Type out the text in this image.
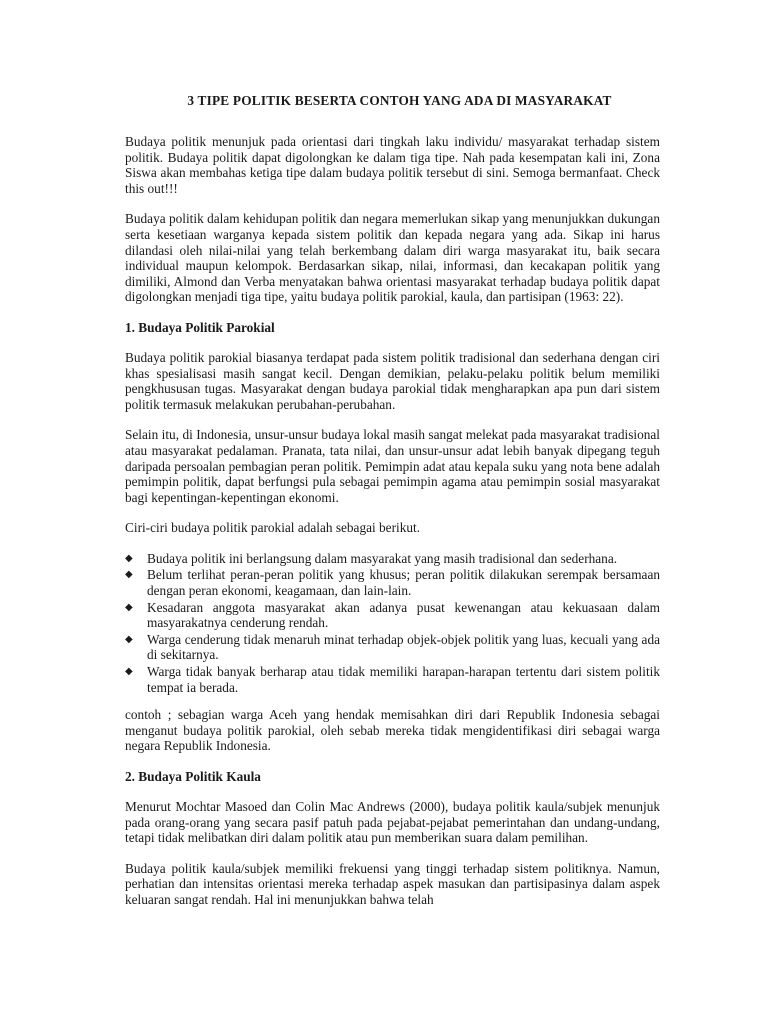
3 TIPE POLITIK BESERTA CONTOH YANG ADA DI MASYARAKAT

Budaya politik menunjuk pada orientasi dari tingkah laku individu/ masyarakat terhadap sistem politik. Budaya politik dapat digolongkan ke dalam tiga tipe. Nah pada kesempatan kali ini, Zona Siswa akan membahas ketiga tipe dalam budaya politik tersebut di sini. Semoga bermanfaat. Check this out!!!

Budaya politik dalam kehidupan politik dan negara memerlukan sikap yang menunjukkan dukungan serta kesetiaan warganya kepada sistem politik dan kepada negara yang ada. Sikap ini harus dilandasi oleh nilai-nilai yang telah berkembang dalam diri warga masyarakat itu, baik secara individual maupun kelompok. Berdasarkan sikap, nilai, informasi, dan kecakapan politik yang dimiliki, Almond dan Verba menyatakan bahwa orientasi masyarakat terhadap budaya politik dapat digolongkan menjadi tiga tipe, yaitu budaya politik parokial, kaula, dan partisipan (1963: 22).

1. Budaya Politik Parokial

Budaya politik parokial biasanya terdapat pada sistem politik tradisional dan sederhana dengan ciri khas spesialisasi masih sangat kecil. Dengan demikian, pelaku-pelaku politik belum memiliki pengkhususan tugas. Masyarakat dengan budaya parokial tidak mengharapkan apa pun dari sistem politik termasuk melakukan perubahan-perubahan.

Selain itu, di Indonesia, unsur-unsur budaya lokal masih sangat melekat pada masyarakat tradisional atau masyarakat pedalaman. Pranata, tata nilai, dan unsur-unsur adat lebih banyak dipegang teguh daripada persoalan pembagian peran politik. Pemimpin adat atau kepala suku yang nota bene adalah pemimpin politik, dapat berfungsi pula sebagai pemimpin agama atau pemimpin sosial masyarakat bagi kepentingan-kepentingan ekonomi.

Ciri-ciri budaya politik parokial adalah sebagai berikut.

◆ Budaya politik ini berlangsung dalam masyarakat yang masih tradisional dan sederhana.
◆ Belum terlihat peran-peran politik yang khusus; peran politik dilakukan serempak bersamaan dengan peran ekonomi, keagamaan, dan lain-lain.
◆ Kesadaran anggota masyarakat akan adanya pusat kewenangan atau kekuasaan dalam masyarakatnya cenderung rendah.
◆ Warga cenderung tidak menaruh minat terhadap objek-objek politik yang luas, kecuali yang ada di sekitarnya.
◆ Warga tidak banyak berharap atau tidak memiliki harapan-harapan tertentu dari sistem politik tempat ia berada.

contoh ; sebagian warga Aceh yang hendak memisahkan diri dari Republik Indonesia sebagai menganut budaya politik parokial, oleh sebab mereka tidak mengidentifikasi diri sebagai warga negara Republik Indonesia.

2. Budaya Politik Kaula

Menurut Mochtar Masoed dan Colin Mac Andrews (2000), budaya politik kaula/subjek menunjuk pada orang-orang yang secara pasif patuh pada pejabat-pejabat pemerintahan dan undang-undang, tetapi tidak melibatkan diri dalam politik atau pun memberikan suara dalam pemilihan.

Budaya politik kaula/subjek memiliki frekuensi yang tinggi terhadap sistem politiknya. Namun, perhatian dan intensitas orientasi mereka terhadap aspek masukan dan partisipasinya dalam aspek keluaran sangat rendah. Hal ini menunjukkan bahwa telah
